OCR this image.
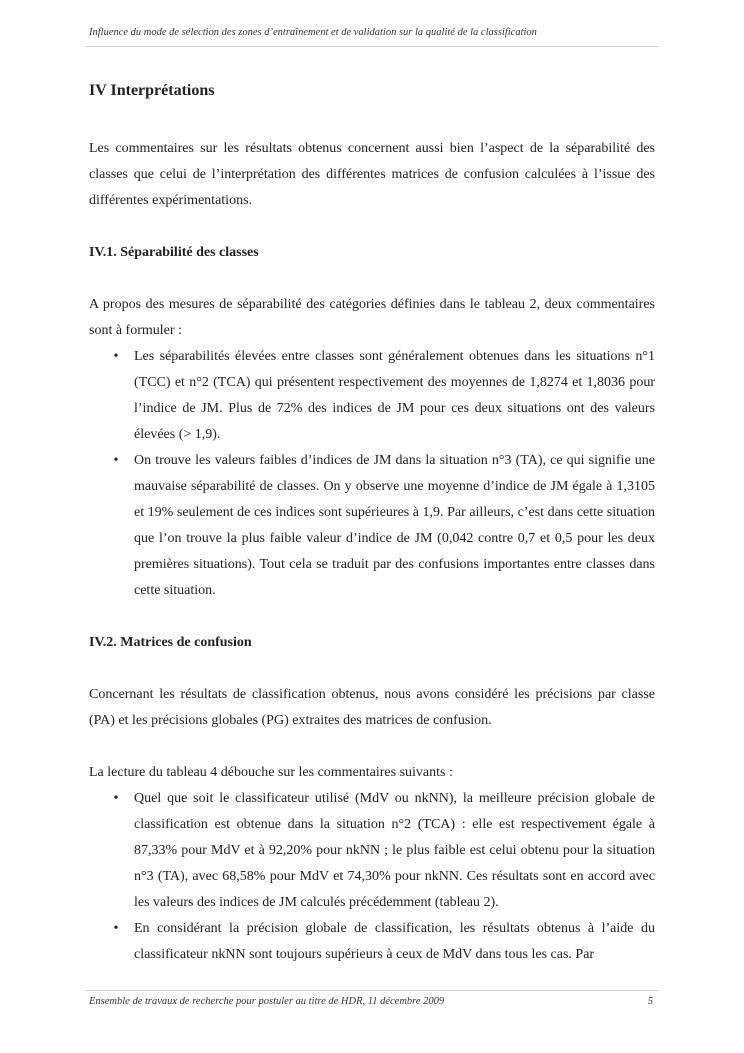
Influence du mode de sélection des zones d’entraînement et de validation sur la qualité de la classification
IV Interprétations

Les commentaires sur les résultats obtenus concernent aussi bien l’aspect de la séparabilité des classes que celui de l’interprétation des différentes matrices de confusion calculées à l’issue des différentes expérimentations.

IV.1. Séparabilité des classes

A propos des mesures de séparabilité des catégories définies dans le tableau 2, deux commentaires sont à formuler :

• Les séparabilités élevées entre classes sont généralement obtenues dans les situations n°1 (TCC) et n°2 (TCA) qui présentent respectivement des moyennes de 1,8274 et 1,8036 pour l’indice de JM. Plus de 72% des indices de JM pour ces deux situations ont des valeurs élevées (> 1,9).
• On trouve les valeurs faibles d’indices de JM dans la situation n°3 (TA), ce qui signifie une mauvaise séparabilité de classes. On y observe une moyenne d’indice de JM égale à 1,3105 et 19% seulement de ces indices sont supérieures à 1,9. Par ailleurs, c’est dans cette situation que l’on trouve la plus faible valeur d’indice de JM (0,042 contre 0,7 et 0,5 pour les deux premières situations). Tout cela se traduit par des confusions importantes entre classes dans cette situation.
IV.2. Matrices de confusion

Concernant les résultats de classification obtenus, nous avons considéré les précisions par classe (PA) et les précisions globales (PG) extraites des matrices de confusion.

La lecture du tableau 4 débouche sur les commentaires suivants :

• Quel que soit le classificateur utilisé (MdV ou nkNN), la meilleure précision globale de classification est obtenue dans la situation n°2 (TCA) : elle est respectivement égale à 87,33% pour MdV et à 92,20% pour nkNN ; le plus faible est celui obtenu pour la situation n°3 (TA), avec 68,58% pour MdV et 74,30% pour nkNN. Ces résultats sont en accord avec les valeurs des indices de JM calculés précédemment (tableau 2).
• En considérant la précision globale de classification, les résultats obtenus à l’aide du classificateur nkNN sont toujours supérieurs à ceux de MdV dans tous les cas. Par
Ensemble de travaux de recherche pour postuler au titre de HDR, 11 décembre 2009	5
